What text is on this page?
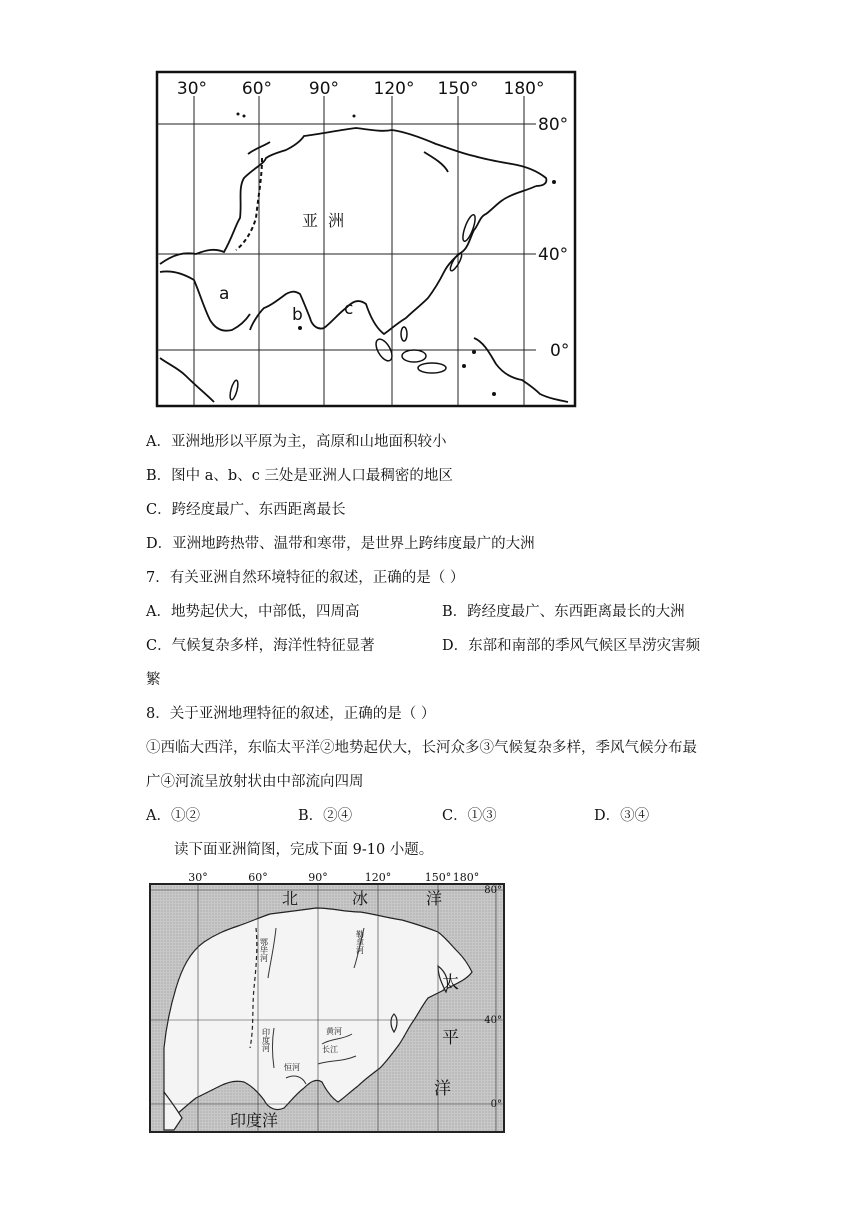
30° 60° 90° 120° 150° 180°
80°
40°
0°
亚  洲
a
b c
A．亚洲地形以平原为主，高原和山地面积较小
B．图中 a、b、c 三处是亚洲人口最稠密的地区
C．跨经度最广、东西距离最长
D．亚洲地跨热带、温带和寒带，是世界上跨纬度最广的大洲
7．有关亚洲自然环境特征的叙述，正确的是（ ）
A．地势起伏大，中部低，四周高	B．跨经度最广、东西距离最长的大洲
C．气候复杂多样，海洋性特征显著	D．东部和南部的季风气候区旱涝灾害频
繁
8．关于亚洲地理特征的叙述，正确的是（ ）
①西临大西洋，东临太平洋②地势起伏大，长河众多③气候复杂多样，季风气候分布最
广④河流呈放射状由中部流向四周
A．①②	B．②④	C．①③	D．③④
读下面亚洲简图，完成下面 9-10 小题。
30°	60°	90°	120°	150° 180°
80°
40°
0°
北	冰	洋
太
平
洋
印度洋
鄂毕河	勒拿河
黄河
长江
印度河
恒河
